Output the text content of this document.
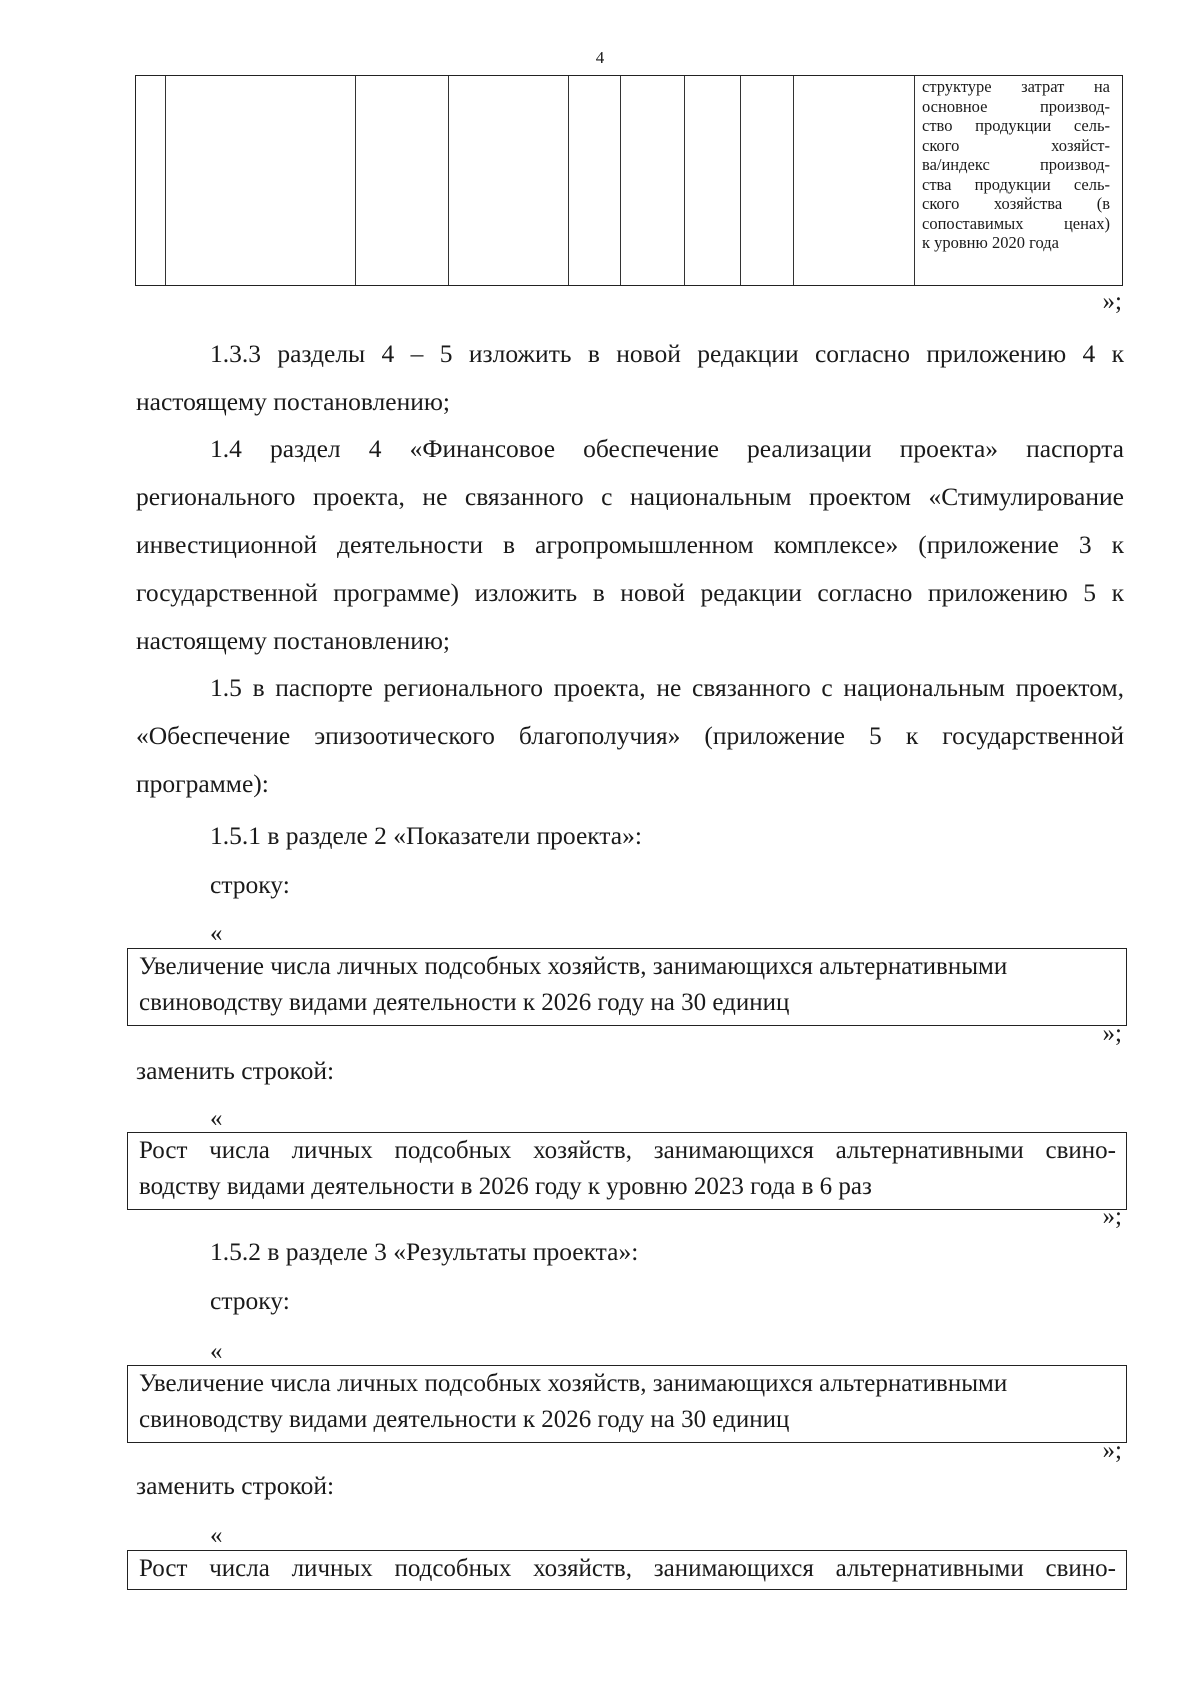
4
структуре затрат на
основное производ-
ство продукции сель-
ского хозяйст-
ва/индекс производ-
ства продукции сель-
ского хозяйства (в
сопоставимых ценах)
к уровню 2020 года
»;
1.3.3 разделы 4 – 5 изложить в новой редакции согласно приложению 4 к настоящему постановлению;
1.4 раздел 4 «Финансовое обеспечение реализации проекта» паспорта регионального проекта, не связанного с национальным проектом «Стимулирование инвестиционной деятельности в агропромышленном комплексе» (приложение 3 к государственной программе) изложить в новой редакции согласно приложению 5 к настоящему постановлению;
1.5 в паспорте регионального проекта, не связанного с национальным проектом, «Обеспечение эпизоотического благополучия» (приложение 5 к государственной программе):
1.5.1 в разделе 2 «Показатели проекта»:
строку:
«
Увеличение числа личных подсобных хозяйств, занимающихся альтернативными
свиноводству видами деятельности к 2026 году на 30 единиц
»;
заменить строкой:
«
Рост числа личных подсобных хозяйств, занимающихся альтернативными свино-
водству видами деятельности в 2026 году к уровню 2023 года в 6 раз
»;
1.5.2 в разделе 3 «Результаты проекта»:
строку:
«
Увеличение числа личных подсобных хозяйств, занимающихся альтернативными
свиноводству видами деятельности к 2026 году на 30 единиц
»;
заменить строкой:
«
Рост числа личных подсобных хозяйств, занимающихся альтернативными свино-
